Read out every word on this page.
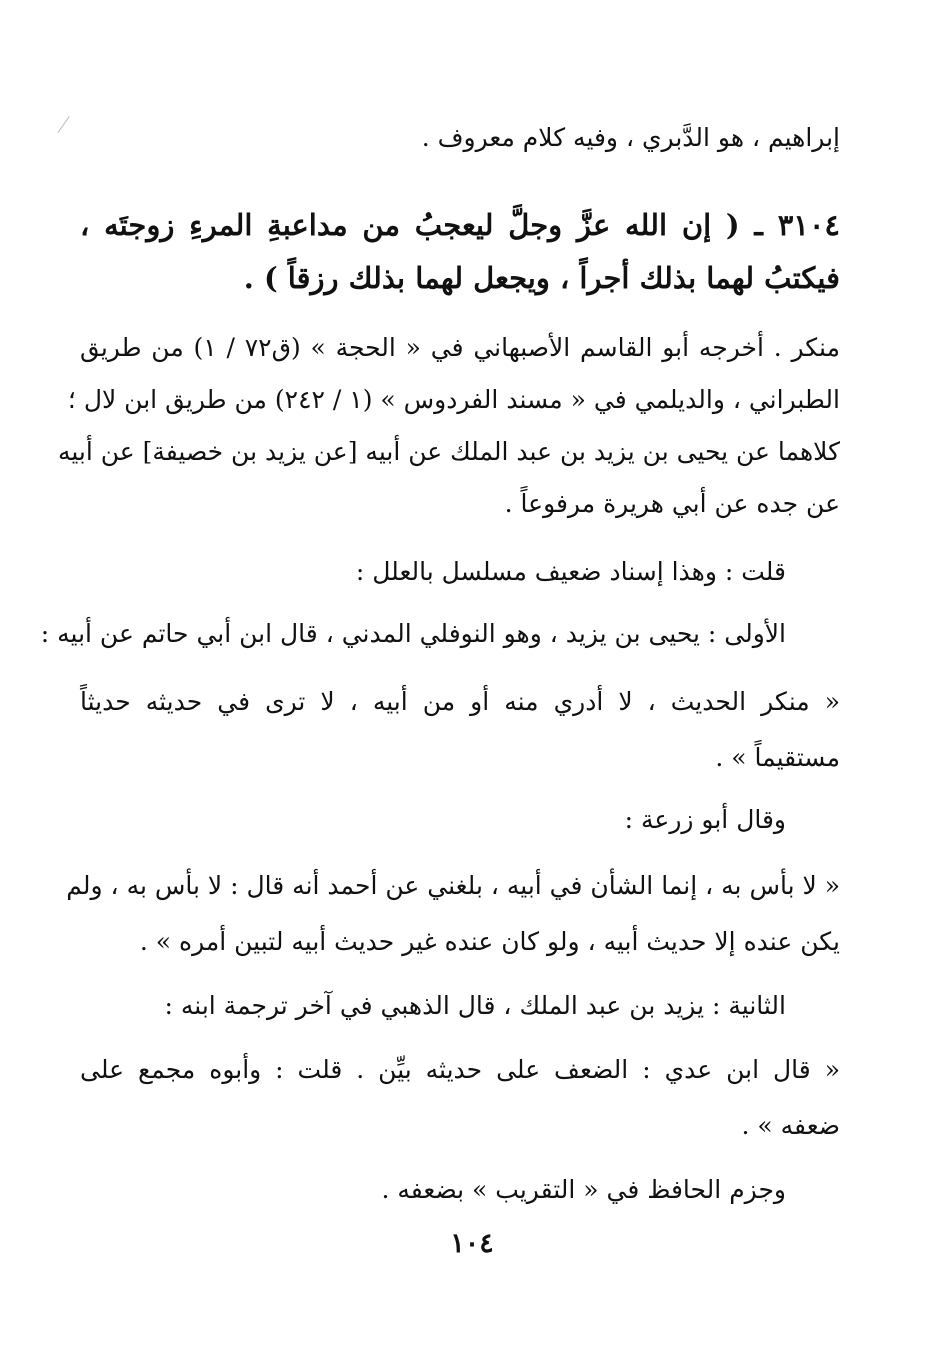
إبراهيم ، هو الدَّبري ، وفيه كلام معروف .
٣١٠٤ ـ ( إن الله عزَّ وجلَّ ليعجبُ من مداعبةِ المرءِ زوجتَه ،
فيكتبُ لهما بذلك أجراً ، ويجعل لهما بذلك رزقاً ) .
منكر . أخرجه أبو القاسم الأصبهاني في « الحجة » (ق٧٢ / ١) من طريق
الطبراني ، والديلمي في « مسند الفردوس » (١ / ٢٤٢) من طريق ابن لال ؛
كلاهما عن يحيى بن يزيد بن عبد الملك عن أبيه [عن يزيد بن خصيفة] عن أبيه
عن جده عن أبي هريرة مرفوعاً .
قلت : وهذا إسناد ضعيف مسلسل بالعلل :
الأولى : يحيى بن يزيد ، وهو النوفلي المدني ، قال ابن أبي حاتم عن أبيه :
« منكر الحديث ، لا أدري منه أو من أبيه ، لا ترى في حديثه حديثاً
مستقيماً » .
وقال أبو زرعة :
« لا بأس به ، إنما الشأن في أبيه ، بلغني عن أحمد أنه قال : لا بأس به ، ولم
يكن عنده إلا حديث أبيه ، ولو كان عنده غير حديث أبيه لتبين أمره » .
الثانية : يزيد بن عبد الملك ، قال الذهبي في آخر ترجمة ابنه :
« قال ابن عدي : الضعف على حديثه بيِّن . قلت : وأبوه مجمع على
ضعفه » .
وجزم الحافظ في « التقريب » بضعفه .
١٠٤
